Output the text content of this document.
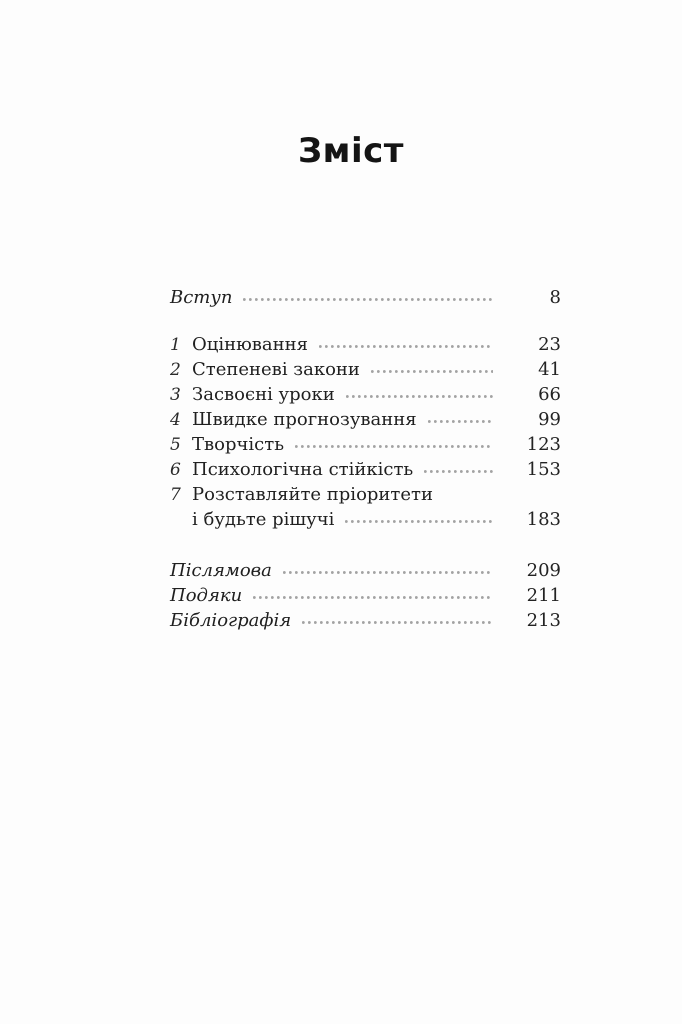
Зміст
Вступ	8
1 Оцінювання	23
2 Степеневі закони	41
3 Засвоєні уроки	66
4 Швидке прогнозування	99
5 Творчість	123
6 Психологічна стійкість	153
7 Розставляйте пріоритети
і будьте рішучі	183
Післямова	209
Подяки	211
Бібліографія	213
